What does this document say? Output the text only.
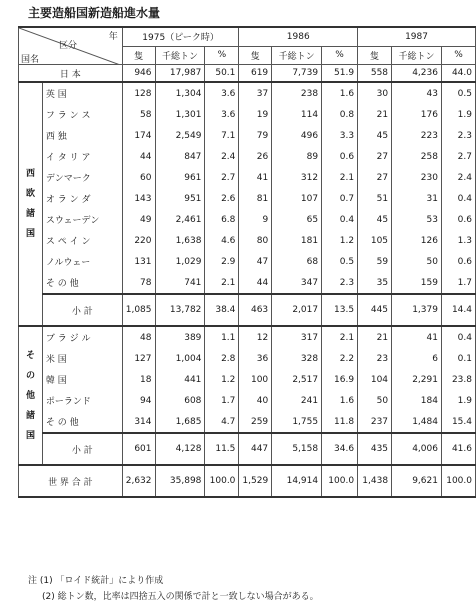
主要造船国新造船進水量
年
区分
国名		1975（ピーク時）			1986			1987		
		隻	千総トン	%	隻	千総トン	%	隻	千総トン	%
日 本		946	17,987	50.1	619	7,739	51.9	558	4,236	44.0

西
欧
諸
国	英 国	128	1,304	3.6	37	238	1.6	30	43	0.5
	フ ラ ン ス	58	1,301	3.6	19	114	0.8	21	176	1.9
	西 独	174	2,549	7.1	79	496	3.3	45	223	2.3
	イ タ リ ア	44	847	2.4	26	89	0.6	27	258	2.7
	デンマーク	60	961	2.7	41	312	2.1	27	230	2.4
	オ ラ ン ダ	143	951	2.6	81	107	0.7	51	31	0.4
	スウェーデン	49	2,461	6.8	9	65	0.4	45	53	0.6
	ス ペ イ ン	220	1,638	4.6	80	181	1.2	105	126	1.3
	ノルウェー	131	1,029	2.9	47	68	0.5	59	50	0.6
	そ の 他	78	741	2.1	44	347	2.3	35	159	1.7
	小 計	1,085	13,782	38.4	463	2,017	13.5	445	1,379	14.4

そ
の
他
諸
国	ブ ラ ジ ル	48	389	1.1	12	317	2.1	21	41	0.4
	米 国	127	1,004	2.8	36	328	2.2	23	6	0.1
	韓 国	18	441	1.2	100	2,517	16.9	104	2,291	23.8
	ポーランド	94	608	1.7	40	241	1.6	50	184	1.9
	そ の 他	314	1,685	4.7	259	1,755	11.8	237	1,484	15.4
	小 計	601	4,128	11.5	447	5,158	34.6	435	4,006	41.6
世 界 合 計		2,632	35,898	100.0	1,529	14,914	100.0	1,438	9,621	100.0
注 (1) 「ロイド統計」により作成
(2) 総トン数，比率は四捨五入の関係で計と一致しない場合がある。
